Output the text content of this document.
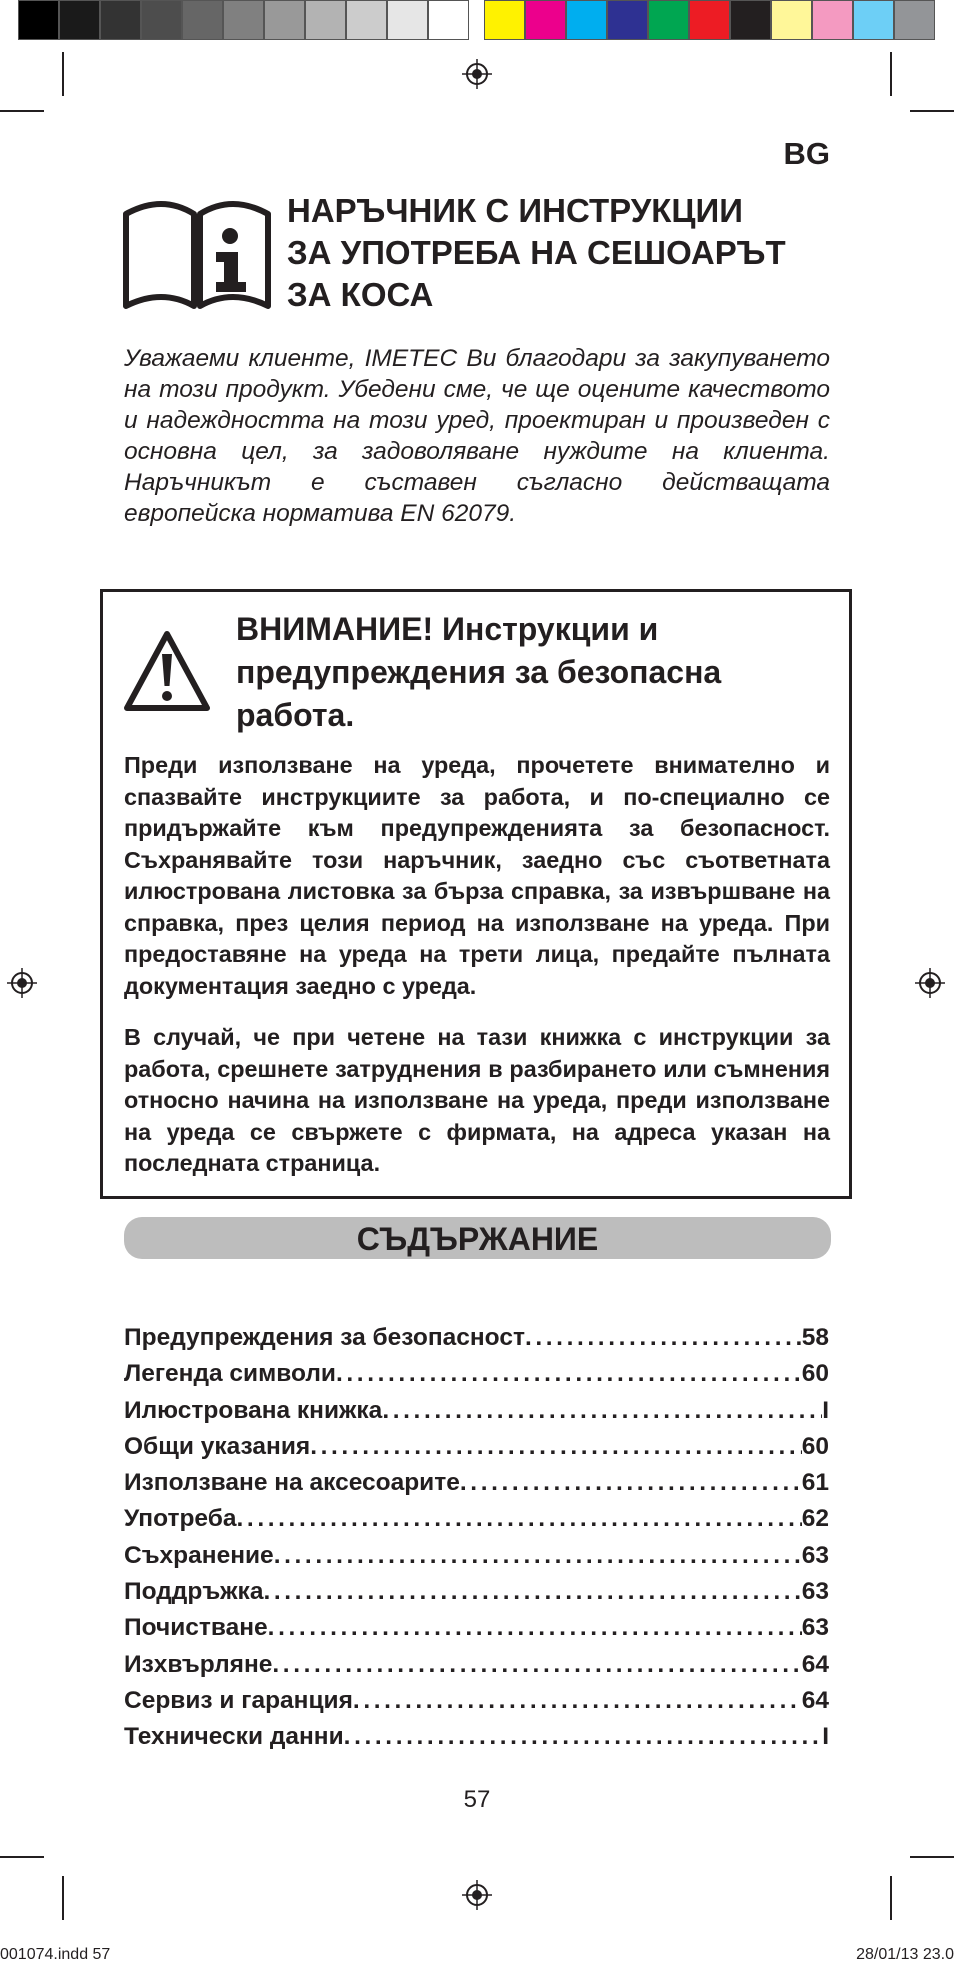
BG
НАРЪЧНИК С ИНСТРУКЦИИ
ЗА УПОТРЕБА НА СЕШОАРЪТ
ЗА КОСА
Уважаеми клиенте, IMETEC Ви благодари за закупуването на този продукт. Убедени сме, че ще оцените качеството и надеждността на този уред, проектиран и произведен с основна цел, за задоволяване нуждите на клиента. Наръчникът е съставен съгласно действащата европейска норматива EN 62079.
ВНИМАНИЕ! Инструкции и предупреждения за безопасна работа.
Преди използване на уреда, прочетете внимателно и спазвайте инструкциите за работа, и по-специално се придържайте към предупрежденията за безопасност. Съхранявайте този наръчник, заедно със съответната илюстрована листовка за бърза справка, за извършване на справка, през целия период на използване на уреда. При предоставяне на уреда на трети лица, предайте пълната документация заедно с уреда.
В случай, че при четене на тази книжка с инструкции за работа, срешнете затруднения в разбирането или съмнения относно начина на използване на уреда, преди използване на уреда се свържете с фирмата, на адреса указан на последната страница.
СЪДЪРЖАНИЕ
Предупреждения за безопасност .....	58
Легенда символи .....	60
Илюстрована книжка .....	I
Общи указания .....	60
Използване на аксесоарите .....	61
Употреба .....	62
Съхранение .....	63
Поддръжка .....	63
Почистване .....	63
Изхвърляне .....	64
Сервиз и гаранция .....	64
Технически данни .....	I
57
001074.indd 57	28/01/13 23.0
